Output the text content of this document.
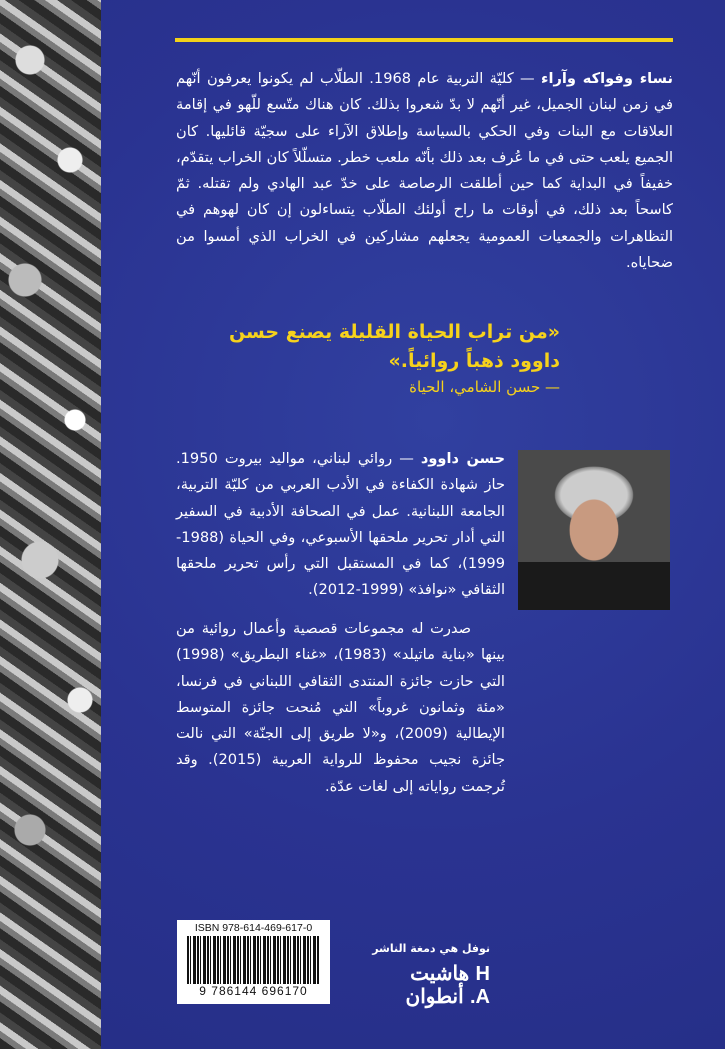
نساء وفواكه وآراء — كليّة التربية عام 1968. الطلّاب لم يكونوا يعرفون أنّهم في زمن لبنان الجميل، غير أنّهم لا بدّ شعروا بذلك. كان هناك متّسع للّهو في إقامة العلاقات مع البنات وفي الحكي بالسياسة وإطلاق الآراء على سجيّة قائليها. كان الجميع يلعب حتى في ما عُرف بعد ذلك بأنّه ملعب خطر. متسلّلاً كان الخراب يتقدّم، خفيفاً في البداية كما حين أطلقت الرصاصة على خدّ عبد الهادي ولم تقتله. ثمّ كاسحاً بعد ذلك، في أوقات ما راح أولئك الطلّاب يتساءلون إن كان لهوهم في التظاهرات والجمعيات العمومية يجعلهم مشاركين في الخراب الذي أمسوا من ضحاياه.

«من تراب الحياة القليلة يصنع حسن داوود ذهباً روائياً.»
— حسن الشامي، الحياة

حسن داوود — روائي لبناني، مواليد بيروت 1950. حاز شهادة الكفاءة في الأدب العربي من كليّة التربية، الجامعة اللبنانية. عمل في الصحافة الأدبية في السفير التي أدار تحرير ملحقها الأسبوعي، وفي الحياة (1988- 1999)، كما في المستقبل التي رأس تحرير ملحقها الثقافي «نوافذ» (1999-2012).

صدرت له مجموعات قصصية وأعمال روائية من بينها «بناية ماتيلد» (1983)، «غناء البطريق» (1998) التي حازت جائزة المنتدى الثقافي اللبناني في فرنسا، «مئة وثمانون غروباً» التي مُنحت جائزة المتوسط الإيطالية (2009)، و«لا طريق إلى الجنّة» التي نالت جائزة نجيب محفوظ للرواية العربية (2015). وقد تُرجمت رواياته إلى لغات عدّة.

ISBN 978-614-469-617-0
9 786144 696170
نوفل هي دمغة الناشر
H هاشيت
A. أنطوان
